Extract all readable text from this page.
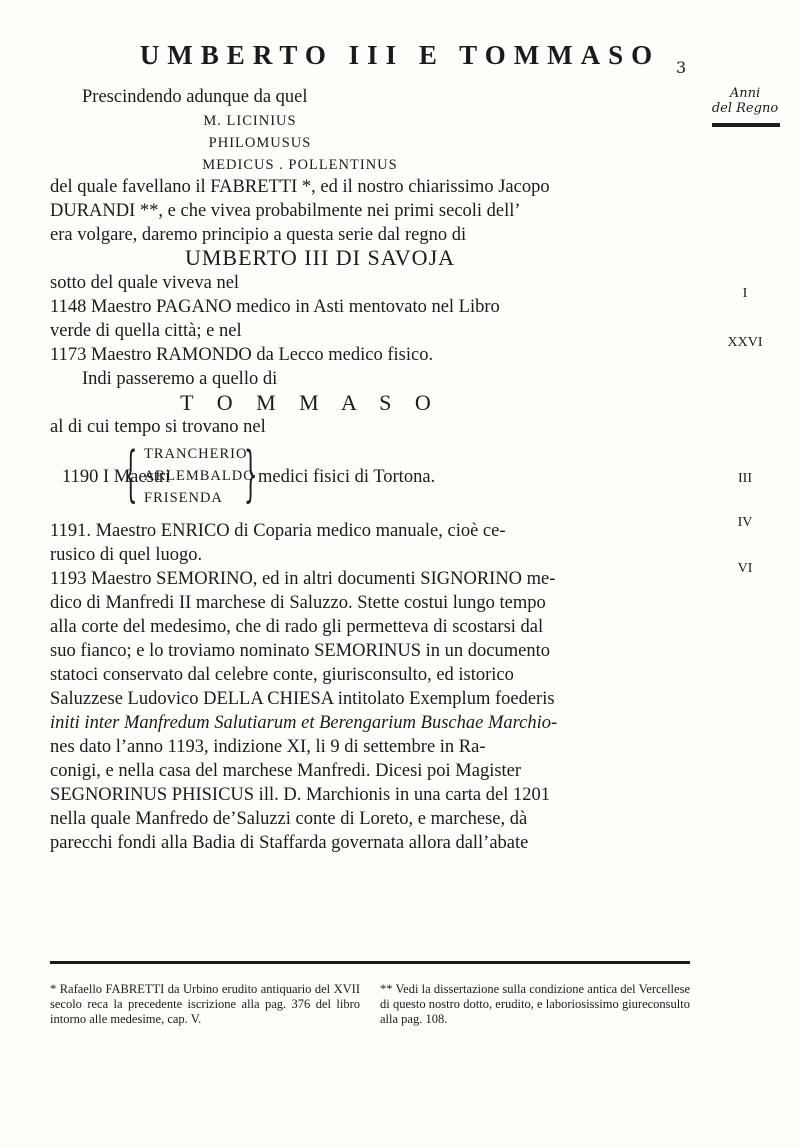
UMBERTO III E TOMMASO 3
Anni
del Regno
I
XXVI
III
IV
VI
Prescindendo adunque da quel
M. LICINIUS
PHILOMUSUS
MEDICUS . POLLENTINUS
del quale favellano il FABRETTI *, ed il nostro chiarissimo Jacopo
DURANDI **, e che vivea probabilmente nei primi secoli dell’
era volgare, daremo principio a questa serie dal regno di
UMBERTO III DI SAVOJA
sotto del quale viveva nel
1148 Maestro PAGANO medico in Asti mentovato nel Libro
verde di quella città; e nel
1173 Maestro RAMONDO da Lecco medico fisico.
Indi passeremo a quello di
T O M M A S O
al di cui tempo si trovano nel
1190 I Maestri
{ TRANCHERIO
ARLEMBALDO
FRISENDA } medici fisici di Tortona.
1191. Maestro ENRICO di Coparia medico manuale, cioè ce-
rusico di quel luogo.
1193 Maestro SEMORINO, ed in altri documenti SIGNORINO me-
dico di Manfredi II marchese di Saluzzo. Stette costui lungo tempo
alla corte del medesimo, che di rado gli permetteva di scostarsi dal
suo fianco; e lo troviamo nominato SEMORINUS in un documento
statoci conservato dal celebre conte, giurisconsulto, ed istorico
Saluzzese Ludovico DELLA CHIESA intitolato Exemplum foederis
initi inter Manfredum Salutiarum et Berengarium Buschae Marchio-
nes dato l’anno 1193, indizione XI, li 9 di settembre in Ra-
conigi, e nella casa del marchese Manfredi. Dicesi poi Magister
SEGNORINUS PHISICUS ill. D. Marchionis in una carta del 1201
nella quale Manfredo de’Saluzzi conte di Loreto, e marchese, dà
parecchi fondi alla Badia di Staffarda governata allora dall’abate
* Rafaello FABRETTI da Urbino erudito antiquario del XVII secolo reca la precedente iscrizione alla pag. 376 del libro intorno alle medesime, cap. V.
** Vedi la dissertazione sulla condizione antica del Vercellese di questo nostro dotto, erudito, e laboriosissimo giureconsulto alla pag. 108.
